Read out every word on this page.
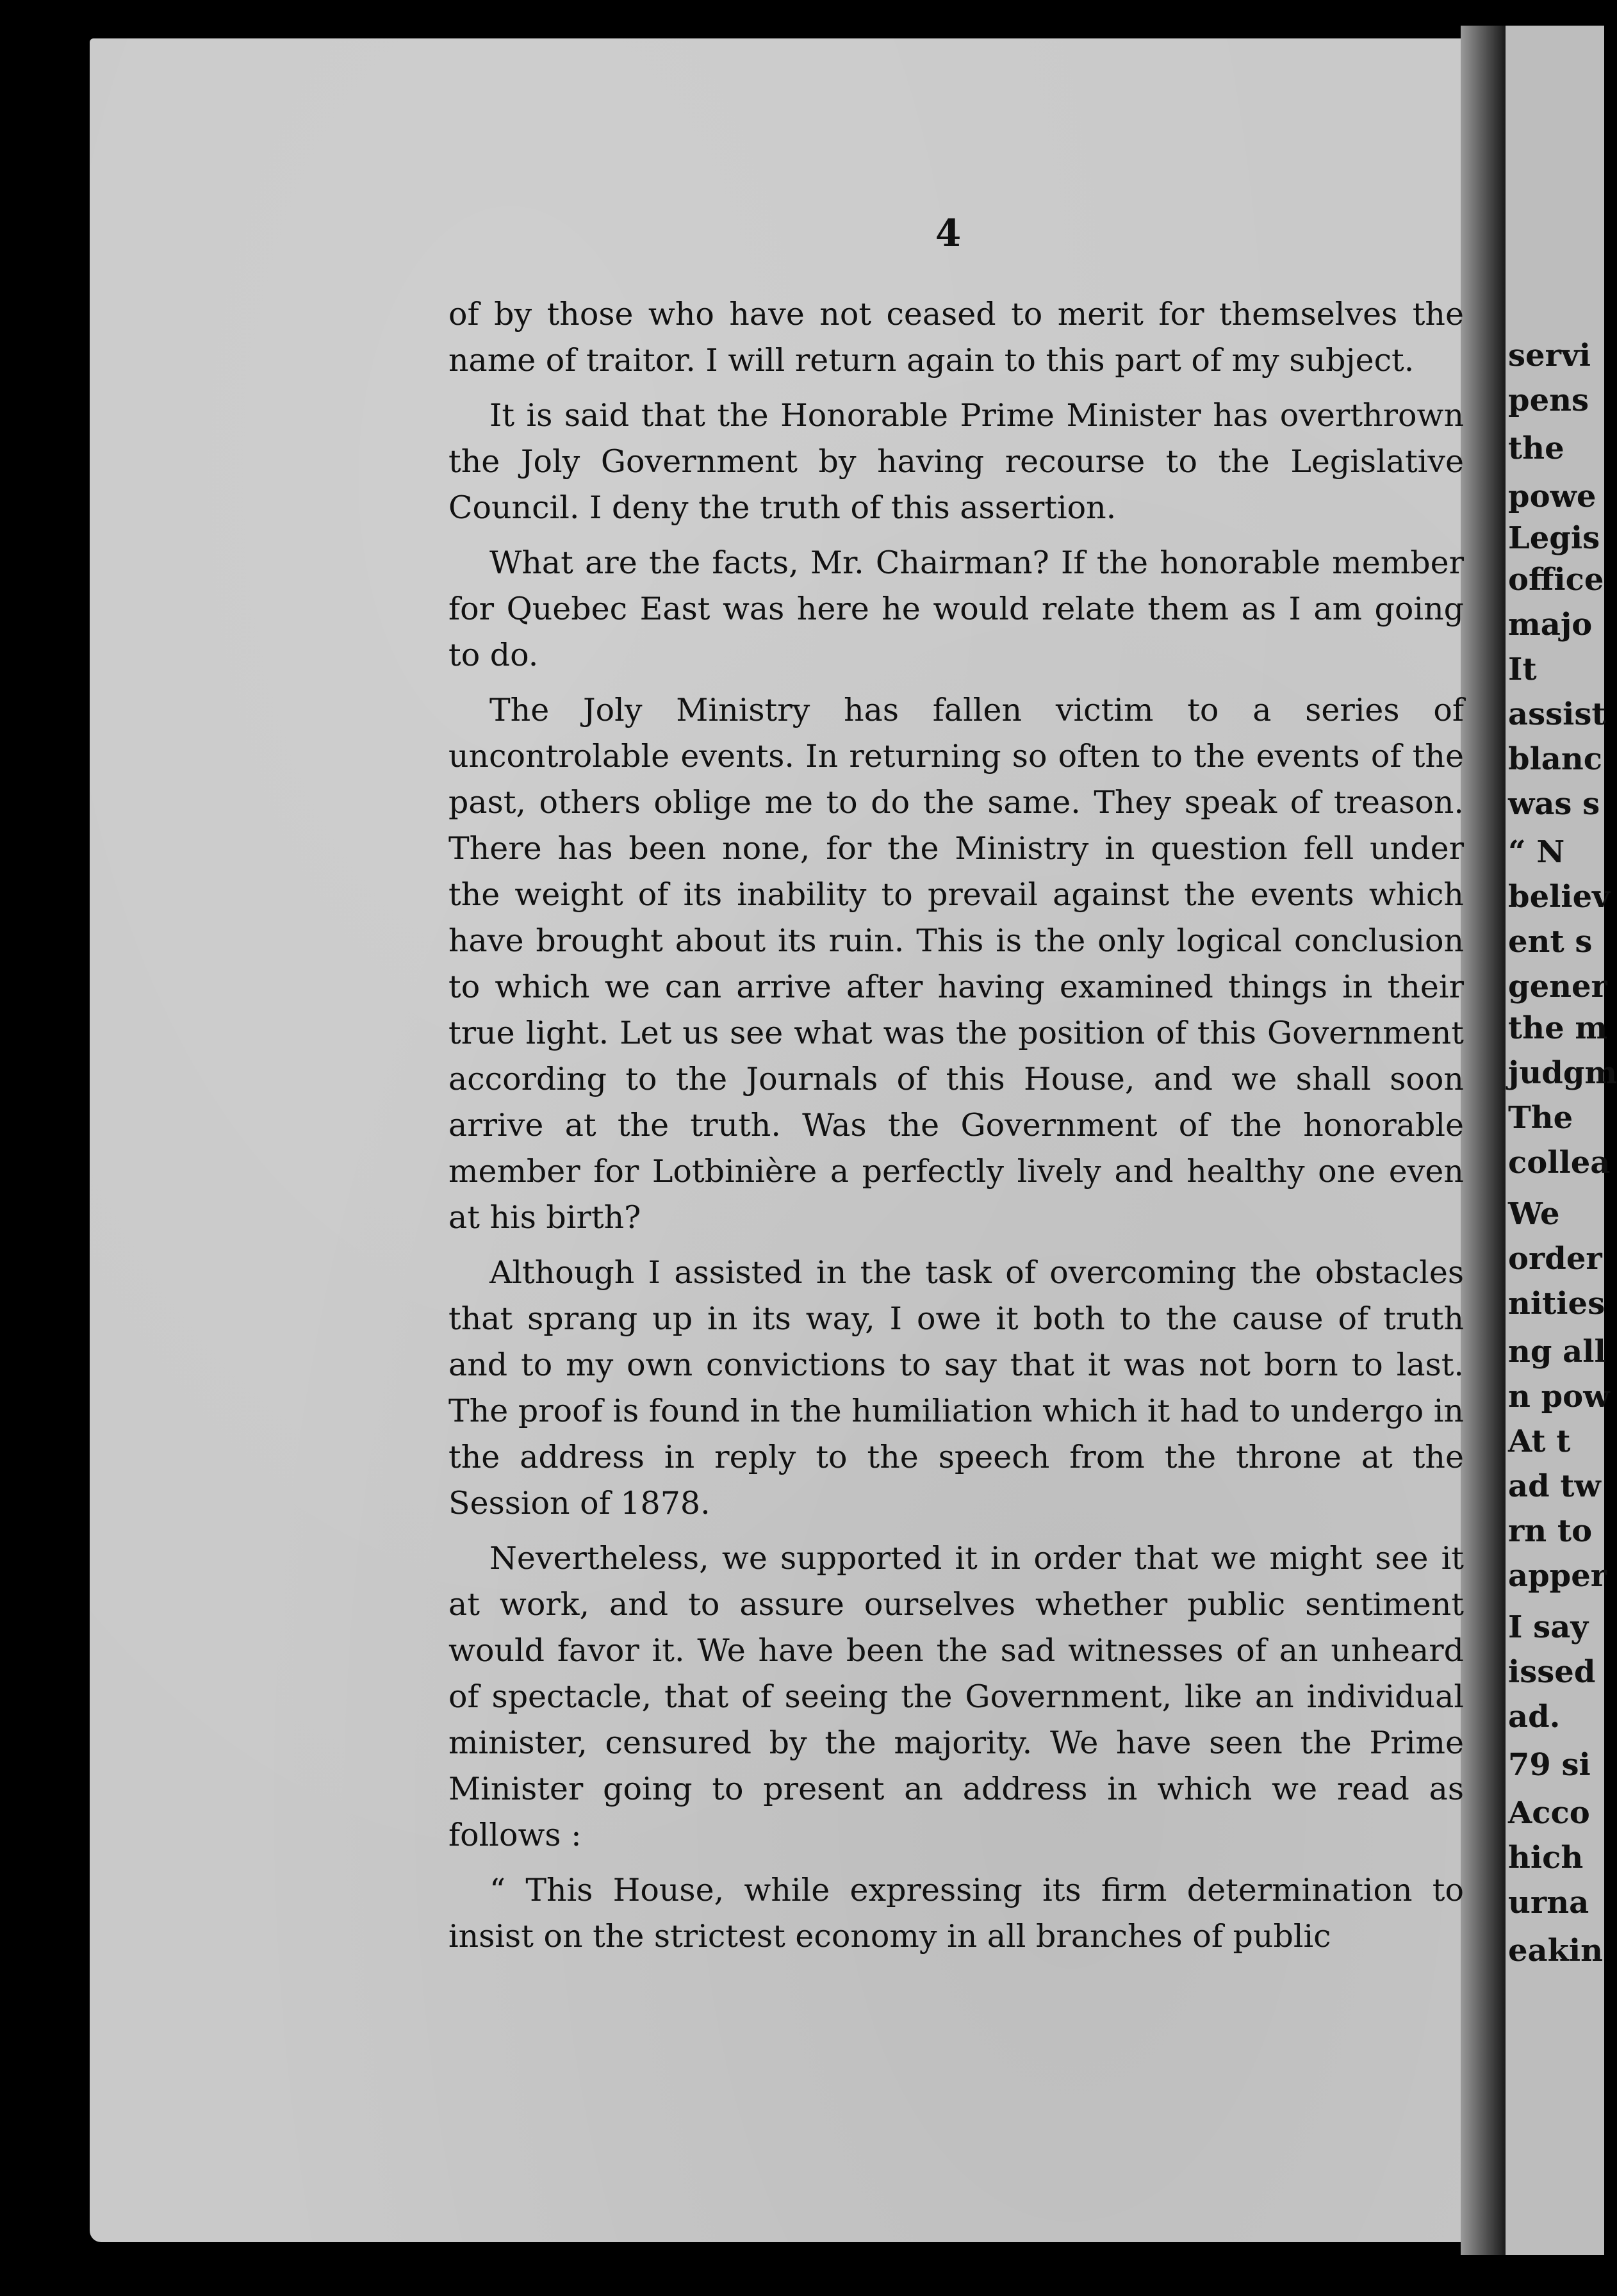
servi
pens
the
powe
Legis
office
majo
It
assist
blanc
was s
“ N
believ
ent s
gener
the m
judgm
The
collea
We
order
nities
ng all
n pow
At t
ad tw
rn to
apper
I say
issed
ad.
79 si
Acco
hich
urna
eakin
4

of by those who have not ceased to merit for themselves the name of traitor. I will return again to this part of my subject.

It is said that the Honorable Prime Minister has overthrown the Joly Government by having recourse to the Legislative Council. I deny the truth of this assertion.

What are the facts, Mr. Chairman? If the honorable member for Quebec East was here he would relate them as I am going to do.

The Joly Ministry has fallen victim to a series of uncontrolable events. In returning so often to the events of the past, others oblige me to do the same. They speak of treason. There has been none, for the Ministry in question fell under the weight of its inability to prevail against the events which have brought about its ruin. This is the only logical conclusion to which we can arrive after having examined things in their true light. Let us see what was the position of this Government according to the Journals of this House, and we shall soon arrive at the truth. Was the Government of the honorable member for Lotbinière a perfectly lively and healthy one even at his birth?

Although I assisted in the task of overcoming the obstacles that sprang up in its way, I owe it both to the cause of truth and to my own convictions to say that it was not born to last. The proof is found in the humiliation which it had to undergo in the address in reply to the speech from the throne at the Session of 1878.

Nevertheless, we supported it in order that we might see it at work, and to assure ourselves whether public sentiment would favor it. We have been the sad witnesses of an unheard of spectacle, that of seeing the Government, like an individual minister, censured by the majority. We have seen the Prime Minister going to present an address in which we read as follows :

“ This House, while expressing its firm determination to insist on the strictest economy in all branches of public
